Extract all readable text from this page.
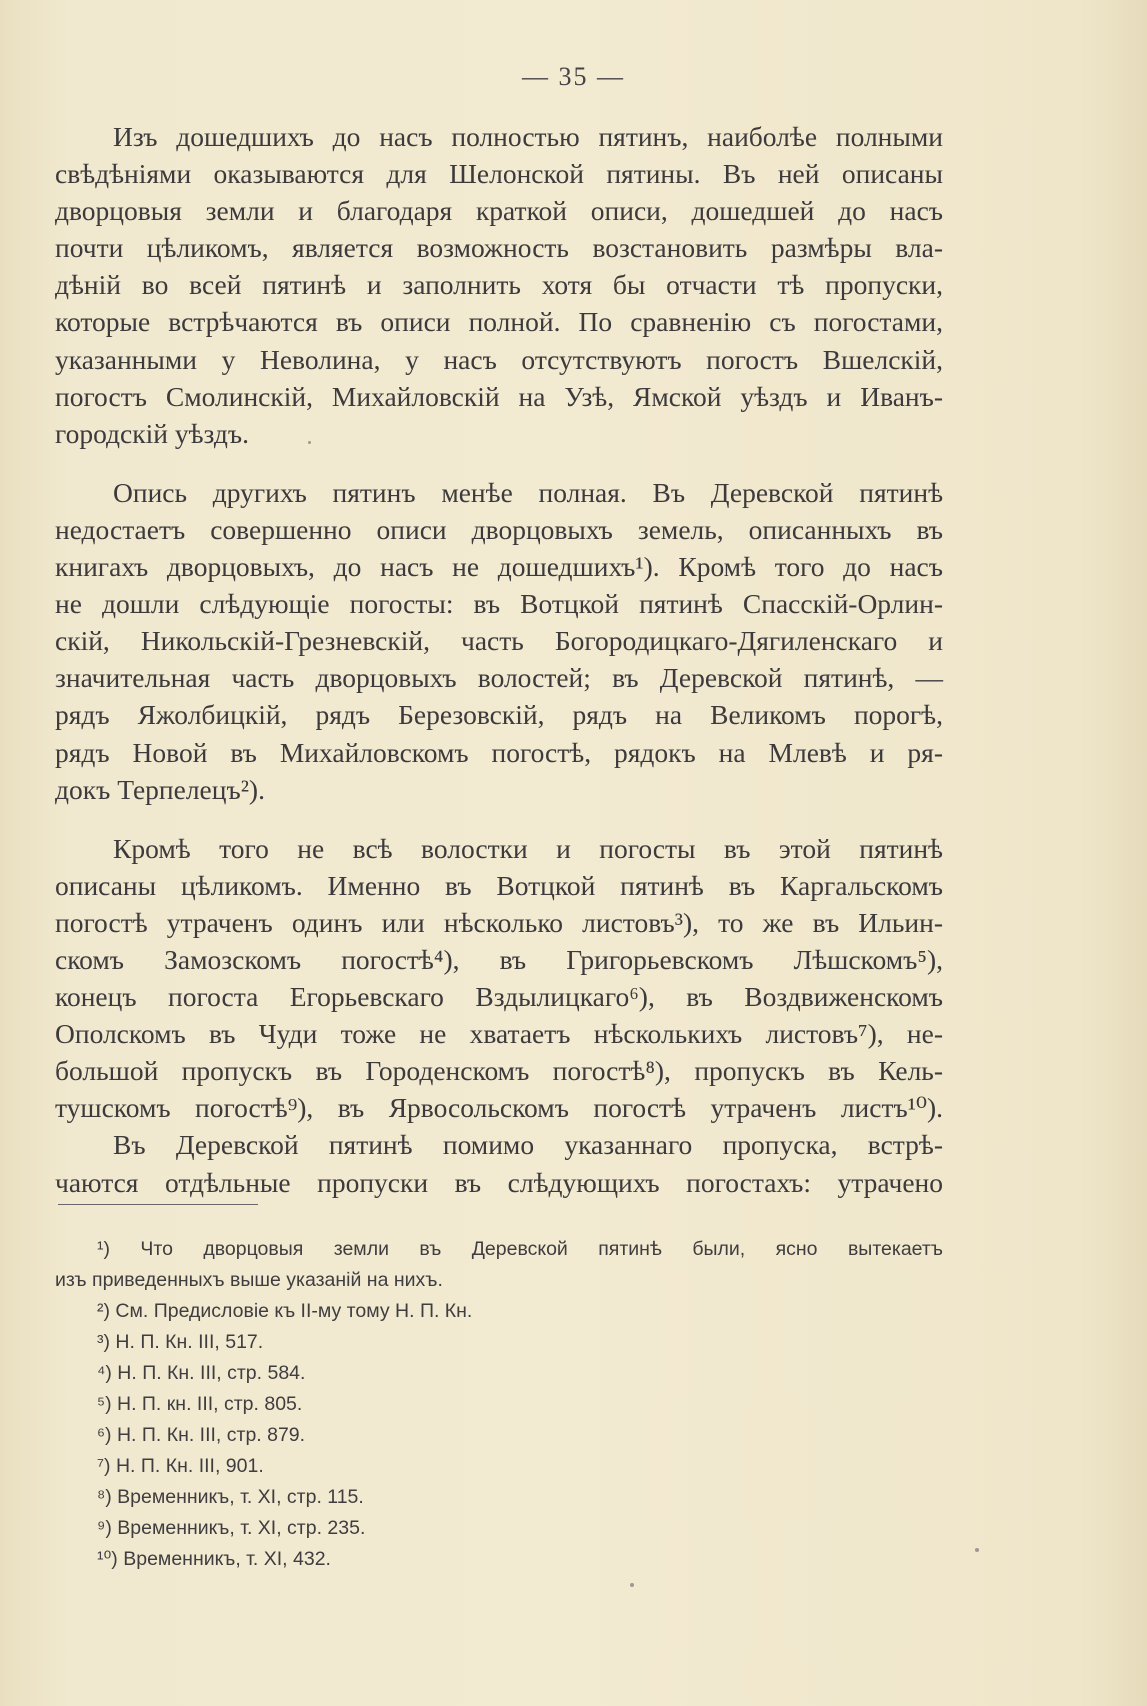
— 35 —
Изъ дошедшихъ до насъ полностью пятинъ, наиболѣе полными
свѣдѣніями оказываются для Шелонской пятины. Въ ней описаны
дворцовыя земли и благодаря краткой описи, дошедшей до насъ
почти цѣликомъ, является возможность возстановить размѣры вла-
дѣній во всей пятинѣ и заполнить хотя бы отчасти тѣ пропуски,
которые встрѣчаются въ описи полной. По сравненію съ погостами,
указанными у Неволина, у насъ отсутствуютъ погостъ Вшелскій,
погостъ Смолинскій, Михайловскій на Узѣ, Ямской уѣздъ и Иванъ-
городскій уѣздъ.
Опись другихъ пятинъ менѣе полная. Въ Деревской пятинѣ
недостаетъ совершенно описи дворцовыхъ земель, описанныхъ въ
книгахъ дворцовыхъ, до насъ не дошедшихъ¹). Кромѣ того до насъ
не дошли слѣдующіе погосты: въ Вотцкой пятинѣ Спасскій-Орлин-
скій, Никольскій-Грезневскій, часть Богородицкаго-Дягиленскаго и
значительная часть дворцовыхъ волостей; въ Деревской пятинѣ, —
рядъ Яжолбицкій, рядъ Березовскій, рядъ на Великомъ порогѣ,
рядъ Новой въ Михайловскомъ погостѣ, рядокъ на Млевѣ и ря-
докъ Терпелецъ²).
Кромѣ того не всѣ волостки и погосты въ этой пятинѣ
описаны цѣликомъ. Именно въ Вотцкой пятинѣ въ Каргальскомъ
погостѣ утраченъ одинъ или нѣсколько листовъ³), то же въ Ильин-
скомъ Замозскомъ погостѣ⁴), въ Григорьевскомъ Лѣшскомъ⁵),
конецъ погоста Егорьевскаго Вздылицкаго⁶), въ Воздвиженскомъ
Ополскомъ въ Чуди тоже не хватаетъ нѣсколькихъ листовъ⁷), не-
большой пропускъ въ Городенскомъ погостѣ⁸), пропускъ въ Кель-
тушскомъ погостѣ⁹), въ Ярвосольскомъ погостѣ утраченъ листъ¹⁰).
Въ Деревской пятинѣ помимо указаннаго пропуска, встрѣ-
чаются отдѣльные пропуски въ слѣдующихъ погостахъ: утрачено
¹) Что дворцовыя земли въ Деревской пятинѣ были, ясно вытекаетъ
изъ приведенныхъ выше указаній на нихъ.
²) См. Предисловіе къ II-му тому Н. П. Кн.
³) Н. П. Кн. III, 517.
⁴) Н. П. Кн. III, стр. 584.
⁵) Н. П. кн. III, стр. 805.
⁶) Н. П. Кн. III, стр. 879.
⁷) Н. П. Кн. III, 901.
⁸) Временникъ, т. XI, стр. 115.
⁹) Временникъ, т. XI, стр. 235.
¹⁰) Временникъ, т. XI, 432.
